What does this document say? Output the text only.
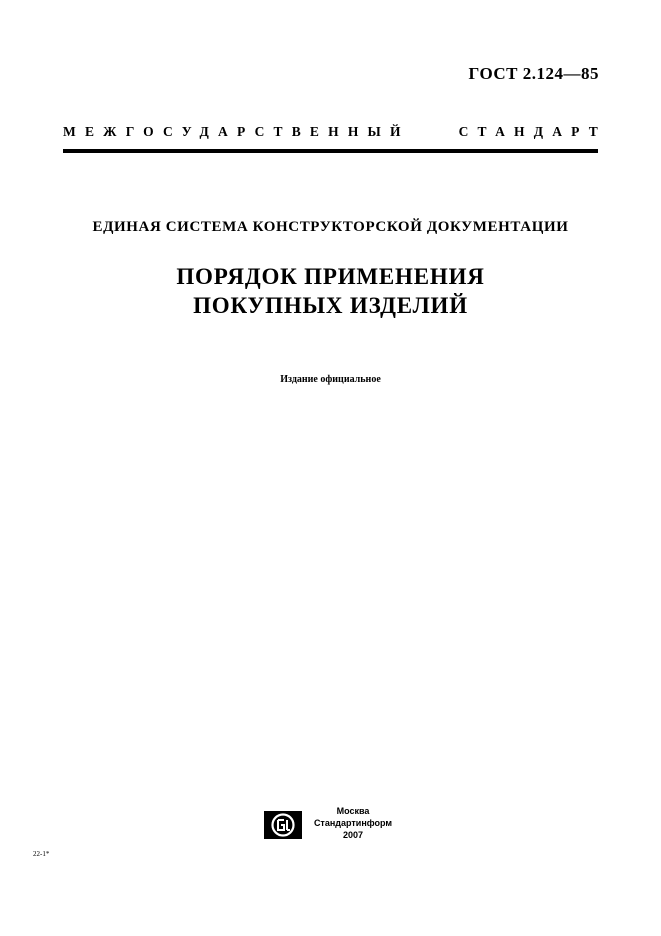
ГОСТ 2.124—85
МЕЖГОСУДАРСТВЕННЫЙ	СТАНДАРТ
ЕДИНАЯ СИСТЕМА КОНСТРУКТОРСКОЙ ДОКУМЕНТАЦИИ
ПОРЯДОК ПРИМЕНЕНИЯ
ПОКУПНЫХ ИЗДЕЛИЙ
Издание официальное
Москва
Стандартинформ
2007
22-1*
